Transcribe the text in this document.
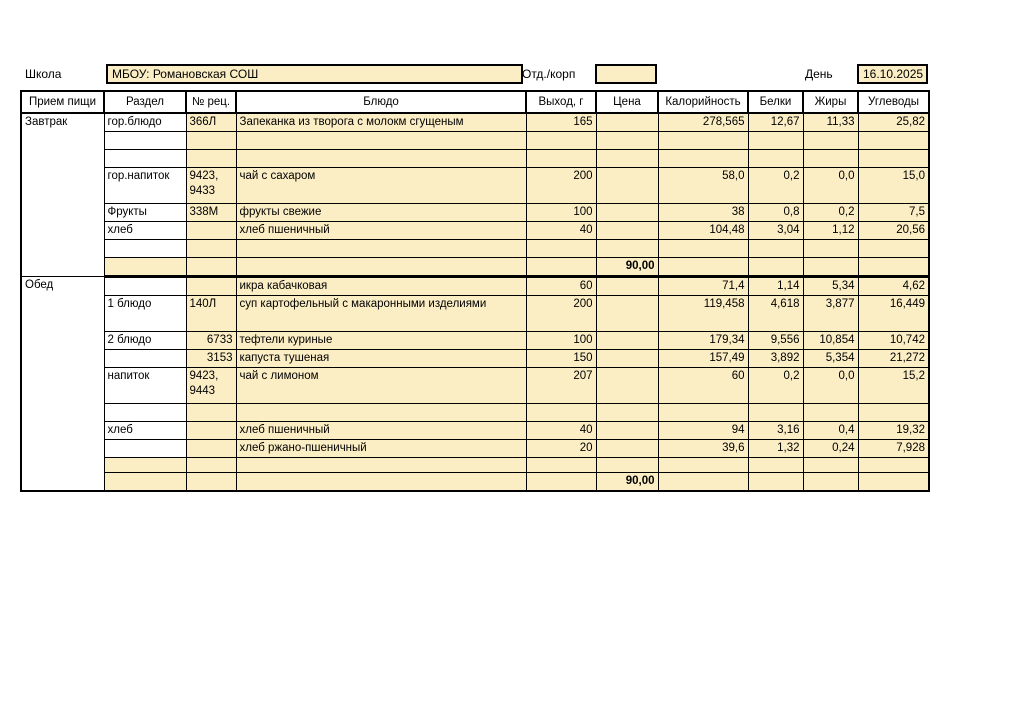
Школа	МБОУ: Романовская СОШ	Отд./корп	День	16.10.2025
Прием пищи	Раздел	№ рец.	Блюдо	Выход, г	Цена	Калорийность	Белки	Жиры	Углеводы
Завтрак	гор.блюдо	366Л	Запеканка из творога с молокм сгущеным	165		278,565	12,67	11,33	25,82

	гор.напиток	9423, 9433	чай с сахаром	200		58,0	0,2	0,0	15,0
	Фрукты	338М	фрукты свежие	100		38	0,8	0,2	7,5
	хлеб		хлеб пшеничный	40		104,48	3,04	1,12	20,56

					90,00				
Обед			икра кабачковая	60		71,4	1,14	5,34	4,62
	1 блюдо	140Л	суп картофельный с макаронными изделиями	200		119,458	4,618	3,877	16,449
	2 блюдо	6733	тефтели куриные	100		179,34	9,556	10,854	10,742
		3153	капуста тушеная	150		157,49	3,892	5,354	21,272
	напиток	9423, 9443	чай с лимоном	207		60	0,2	0,0	15,2

	хлеб		хлеб пшеничный	40		94	3,16	0,4	19,32
			хлеб ржано-пшеничный	20		39,6	1,32	0,24	7,928

					90,00				
